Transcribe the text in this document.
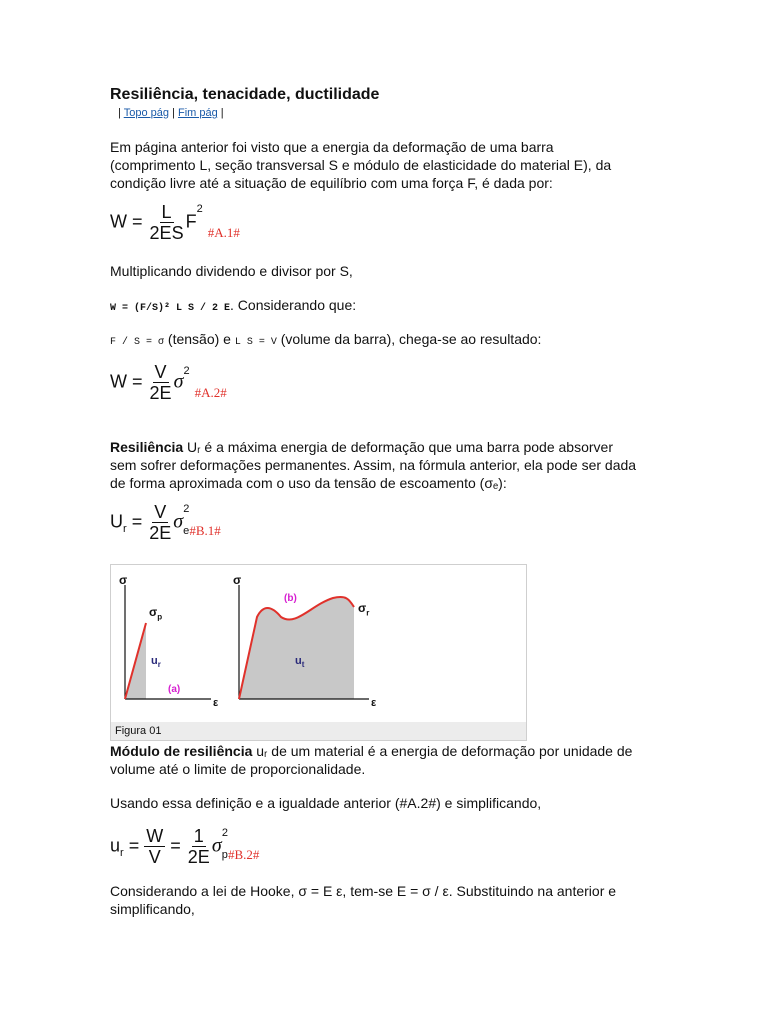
Resiliência, tenacidade, ductilidade
| Topo pág | Fim pág |
Em página anterior foi visto que a energia da deformação de uma barra (comprimento L, seção transversal S e módulo de elasticidade do material E), da condição livre até a situação de equilíbrio com uma força F, é dada por:
$W = \frac{L}{2ES} F^2$ $_{\#A.1\#}$
Multiplicando dividendo e divisor por S,
W = (F/S)² L S / 2 E. Considerando que:
F / S = σ (tensão) e L S = V (volume da barra), chega-se ao resultado:
$W = \frac{V}{2E} \sigma^2$ $_{\#A.2\#}$
Resiliência Uᵣ é a máxima energia de deformação que uma barra pode absorver sem sofrer deformações permanentes. Assim, na fórmula anterior, ela pode ser dada de forma aproximada com o uso da tensão de escoamento (σₑ):
$U_r = \frac{V}{2E} \sigma_e^2_{\#B.1\#}$
σ
ε
$\sigma_p$
$u_r$
(a)
σ
ε
$\sigma_r$
$u_t$
(b)
Figura 01
Módulo de resiliência uᵣ de um material é a energia de deformação por unidade de volume até o limite de proporcionalidade.
Usando essa definição e a igualdade anterior (#A.2#) e simplificando,
$u_r = \frac{W}{V} = \frac{1}{2E} \sigma_p^2_{\#B.2\#}$
Considerando a lei de Hooke, σ = E ε, tem-se E = σ / ε. Substituindo na anterior e simplificando,
